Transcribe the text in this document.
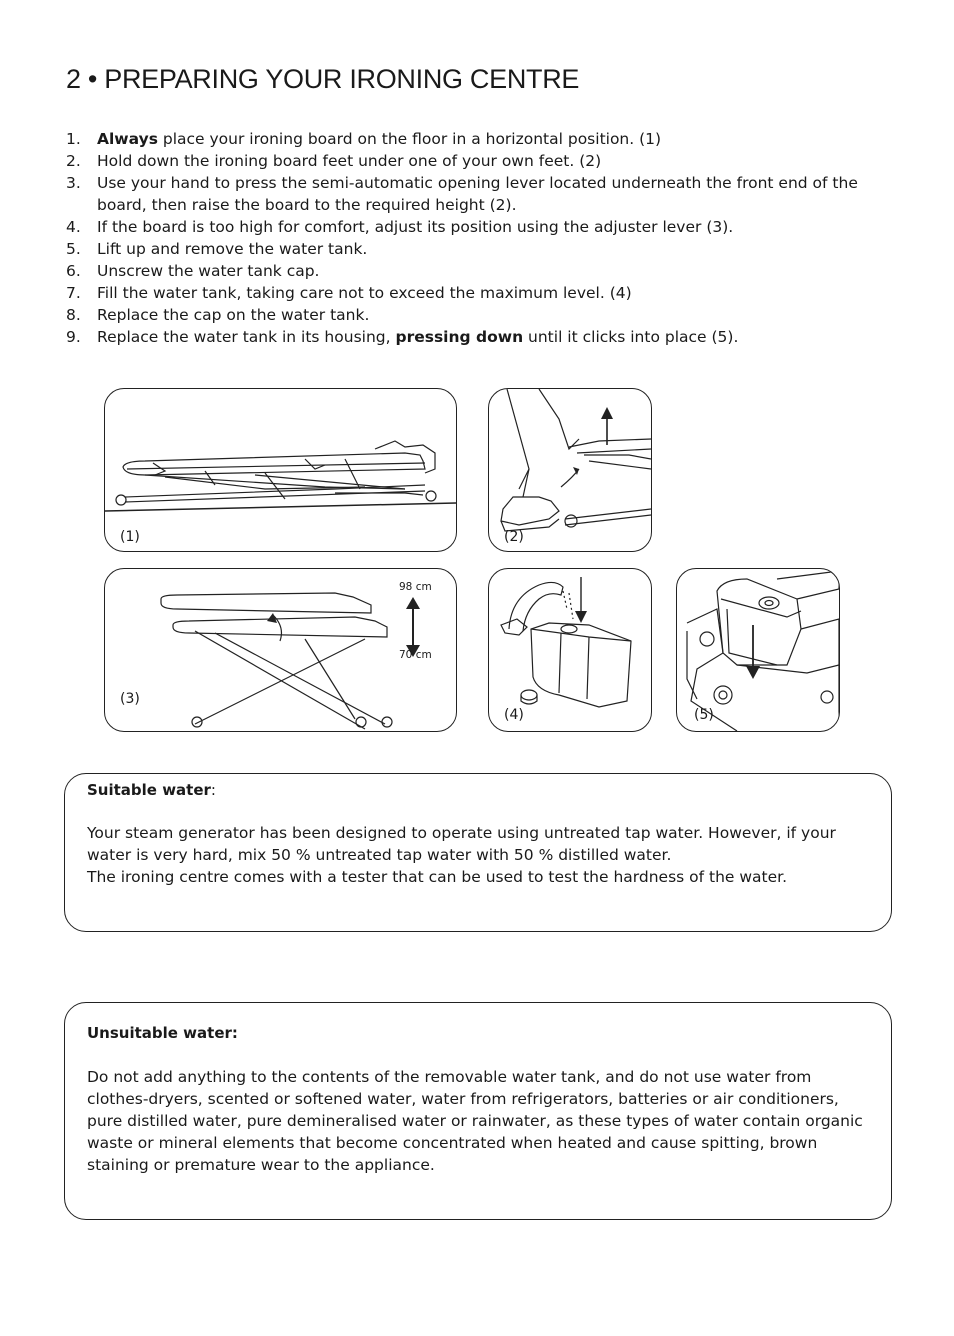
2 • PREPARING YOUR IRONING CENTRE
1.	Always place your ironing board on the floor in a horizontal position. (1)
2.	Hold down the ironing board feet under one of your own feet. (2)
3.	Use your hand to press the semi-automatic opening lever located underneath the front end of the board, then raise the board to the required height (2).
4.	If the board is too high for comfort, adjust its position using the adjuster lever (3).
5.	Lift up and remove the water tank.
6.	Unscrew the water tank cap.
7.	Fill the water tank, taking care not to exceed the maximum level. (4)
8.	Replace the cap on the water tank.
9.	Replace the water tank in its housing, pressing down until it clicks into place (5).
(1)	(2)
98 cm
70 cm
(3)
(4)	(5)
Suitable water:

Your steam generator has been designed to operate using untreated tap water. However, if your water is very hard, mix 50 % untreated tap water with 50 % distilled water.

The ironing centre comes with a tester that can be used to test the hardness of the water.

Unsuitable water:

Do not add anything to the contents of the removable water tank, and do not use water from clothes-dryers, scented or softened water, water from refrigerators, batteries or air conditioners, pure distilled water, pure demineralised water or rainwater, as these types of water contain organic waste or mineral elements that become concentrated when heated and cause spitting, brown staining or premature wear to the appliance.
